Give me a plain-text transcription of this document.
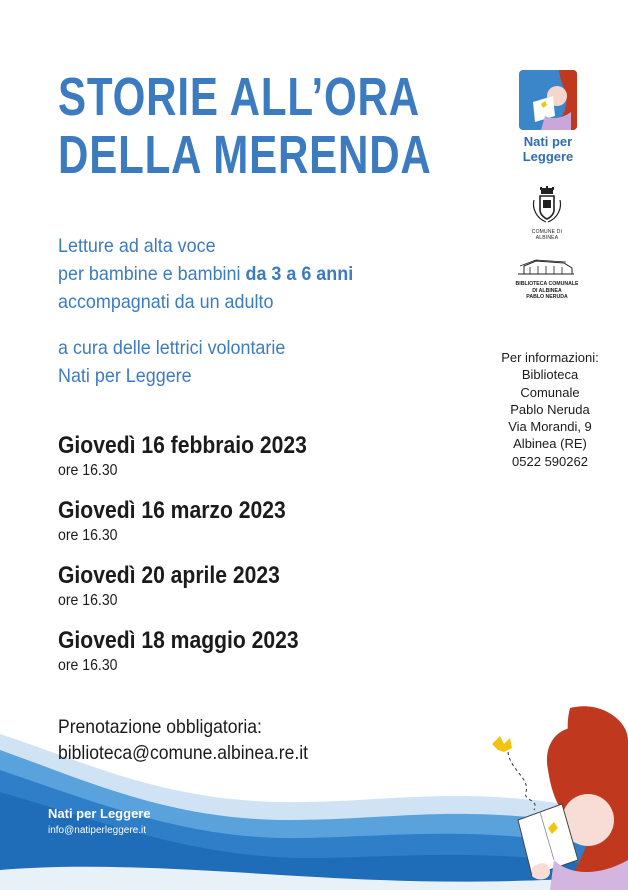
STORIE ALL’ORA
DELLA MERENDA

Letture ad alta voce

per bambine e bambini da 3 a 6 anni

accompagnati da un adulto

a cura delle lettrici volontarie

Nati per Leggere

Giovedì 16 febbraio 2023
ore 16.30
Giovedì 16 marzo 2023
ore 16.30
Giovedì 20 aprile 2023
ore 16.30
Giovedì 18 maggio 2023
ore 16.30
Nati per
Leggere
COMUNE DI ALBINEA
BIBLIOTECA COMUNALE
DI ALBINEA
PABLO NERUDA

Per informazioni:

Biblioteca

Comunale

Pablo Neruda

Via Morandi, 9

Albinea (RE)

0522 590262

Prenotazione obbligatoria:

biblioteca@comune.albinea.re.it

Nati per Leggere
info@natiperleggere.it
